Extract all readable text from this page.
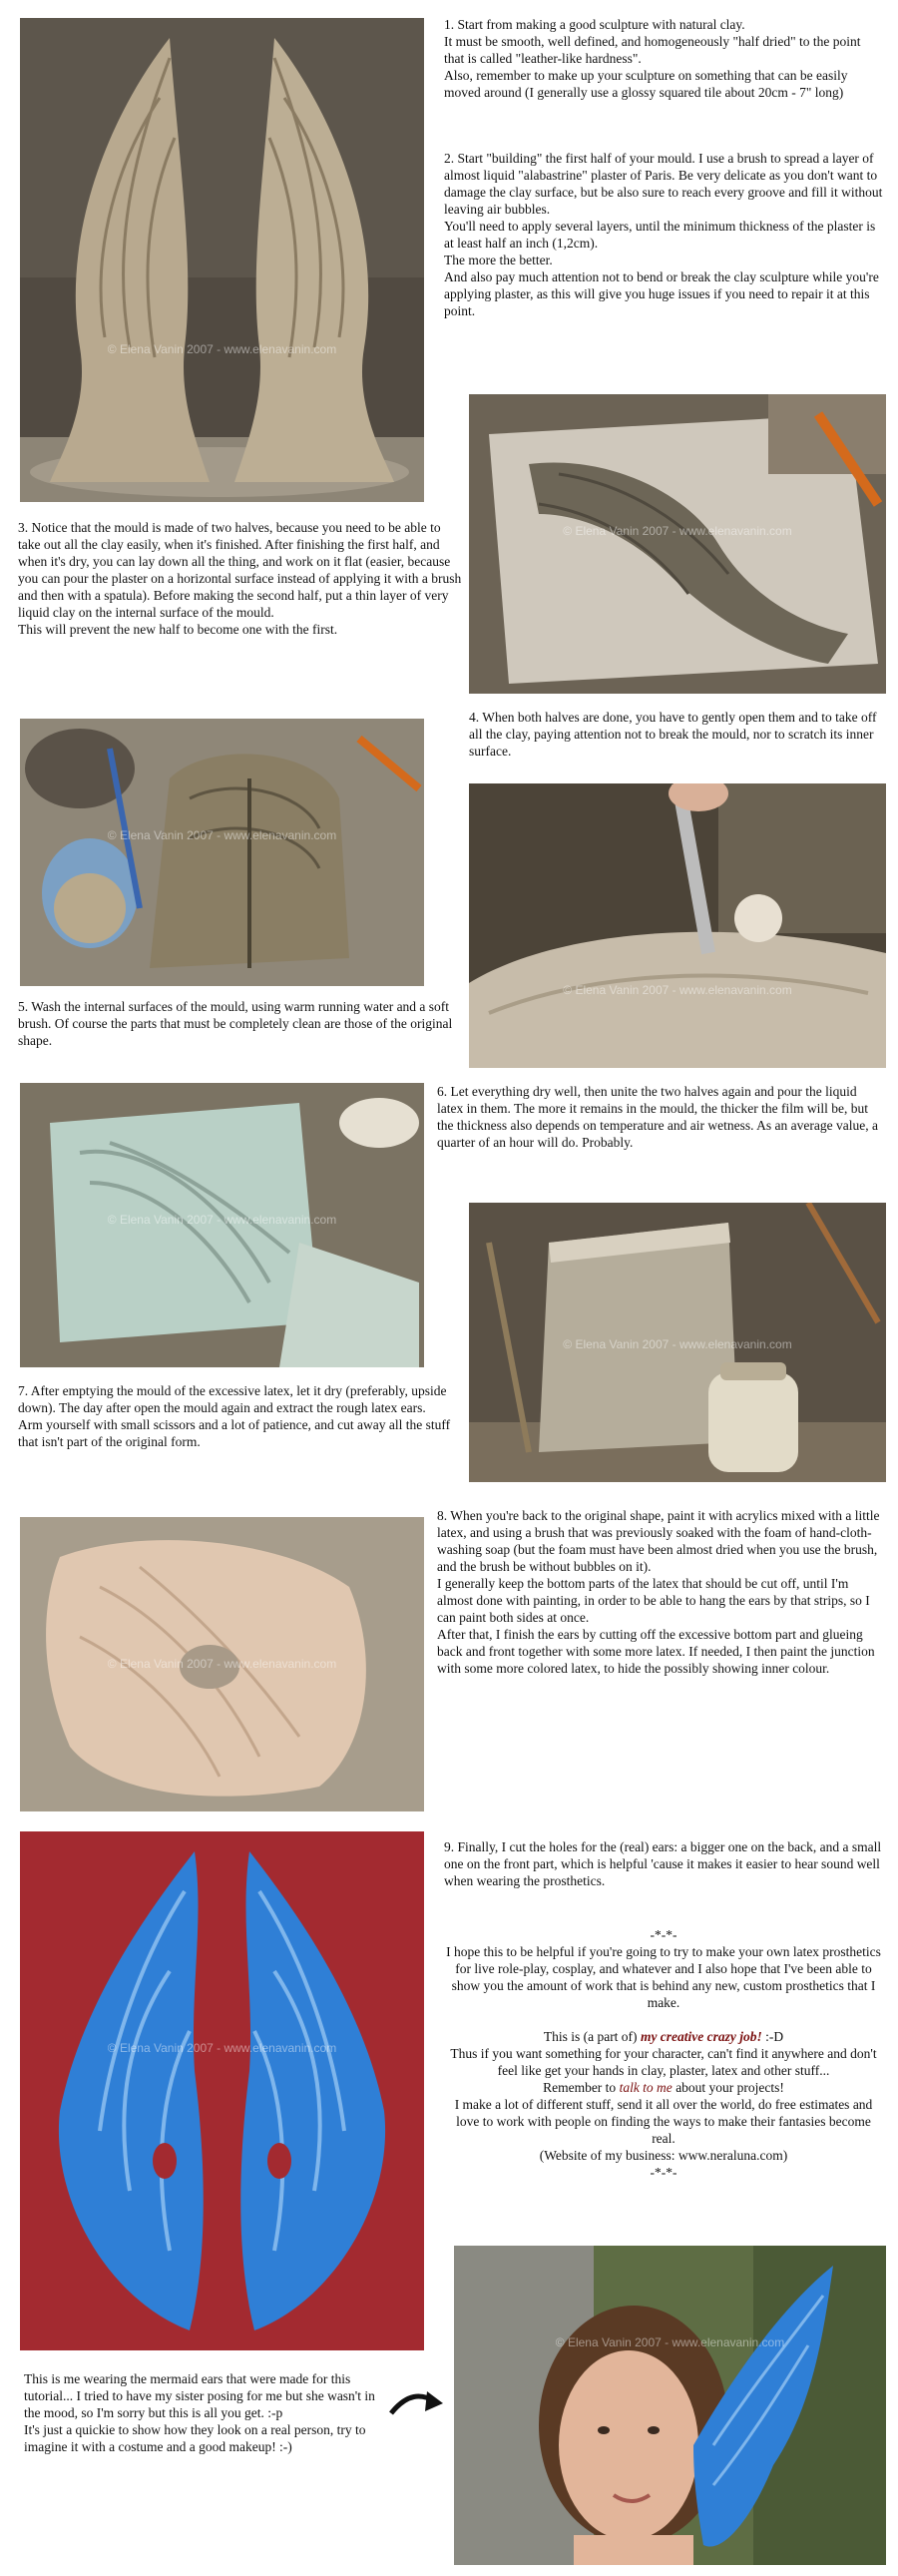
© Elena Vanin 2007 - www.elenavanin.com

1. Start from making a good sculpture with natural clay.

It must be smooth, well defined, and homogeneously "half dried" to the point that is called "leather-like hardness".

Also, remember to make up your sculpture on something that can be easily moved around (I generally use a glossy squared tile about 20cm - 7" long)

2. Start "building" the first half of your mould. I use a brush to spread a layer of almost liquid "alabastrine" plaster of Paris. Be very delicate as you don't want to damage the clay surface, but be also sure to reach every groove and fill it without leaving air bubbles.

You'll need to apply several layers, until the minimum thickness of the plaster is at least half an inch (1,2cm).

The more the better.

And also pay much attention not to bend or break the clay sculpture while you're applying plaster, as this will give you huge issues if you need to repair it at this point.

© Elena Vanin 2007 - www.elenavanin.com

3. Notice that the mould is made of two halves, because you need to be able to take out all the clay easily, when it's finished. After finishing the first half, and when it's dry, you can lay down all the thing, and work on it flat (easier, because you can pour the plaster on a horizontal surface instead of applying it with a brush and then with a spatula). Before making the second half, put a thin layer of very liquid clay on the internal surface of the mould.

This will prevent the new half to become one with the first.

© Elena Vanin 2007 - www.elenavanin.com

4. When both halves are done, you have to gently open them and to take off all the clay, paying attention not to break the mould, nor to scratch its inner surface.

© Elena Vanin 2007 - www.elenavanin.com

5. Wash the internal surfaces of the mould, using warm running water and a soft brush. Of course the parts that must be completely clean are those of the original shape.

© Elena Vanin 2007 - www.elenavanin.com

6. Let everything dry well, then unite the two halves again and pour the liquid latex in them. The more it remains in the mould, the thicker the film will be, but the thickness also depends on temperature and air wetness. As an average value, a quarter of an hour will do. Probably.

© Elena Vanin 2007 - www.elenavanin.com

7. After emptying the mould of the excessive latex, let it dry (preferably, upside down). The day after open the mould again and extract the rough latex ears.

Arm yourself with small scissors and a lot of patience, and cut away all the stuff that isn't part of the original form.

© Elena Vanin 2007 - www.elenavanin.com

8. When you're back to the original shape, paint it with acrylics mixed with a little latex, and using a brush that was previously soaked with the foam of hand-cloth-washing soap (but the foam must have been almost dried when you use the brush, and the brush be without bubbles on it).

I generally keep the bottom parts of the latex that should be cut off, until I'm almost done with painting, in order to be able to hang the ears by that strips, so I can paint both sides at once.

After that, I finish the ears by cutting off the excessive bottom part and glueing back and front together with some more latex. If needed, I then paint the junction with some more colored latex, to hide the possibly showing inner colour.

© Elena Vanin 2007 - www.elenavanin.com

9. Finally, I cut the holes for the (real) ears: a bigger one on the back, and a small one on the front part, which is helpful 'cause it makes it easier to hear sound well when wearing the prosthetics.

-*-*-

I hope this to be helpful if you're going to try to make your own latex prosthetics for live role-play, cosplay, and whatever and I also hope that I've been able to show you the amount of work that is behind any new, custom prosthetics that I make.

This is (a part of) my creative crazy job! :-D

Thus if you want something for your character, can't find it anywhere and don't feel like get your hands in clay, plaster, latex and other stuff...

Remember to talk to me about your projects!

I make a lot of different stuff, send it all over the world, do free estimates and love to work with people on finding the ways to make their fantasies become real.

(Website of my business: www.neraluna.com)

-*-*-

This is me wearing the mermaid ears that were made for this tutorial... I tried to have my sister posing for me but she wasn't in the mood, so I'm sorry but this is all you get. :-p

It's just a quickie to show how they look on a real person, try to imagine it with a costume and a good makeup! :-)

© Elena Vanin 2007 - www.elenavanin.com
